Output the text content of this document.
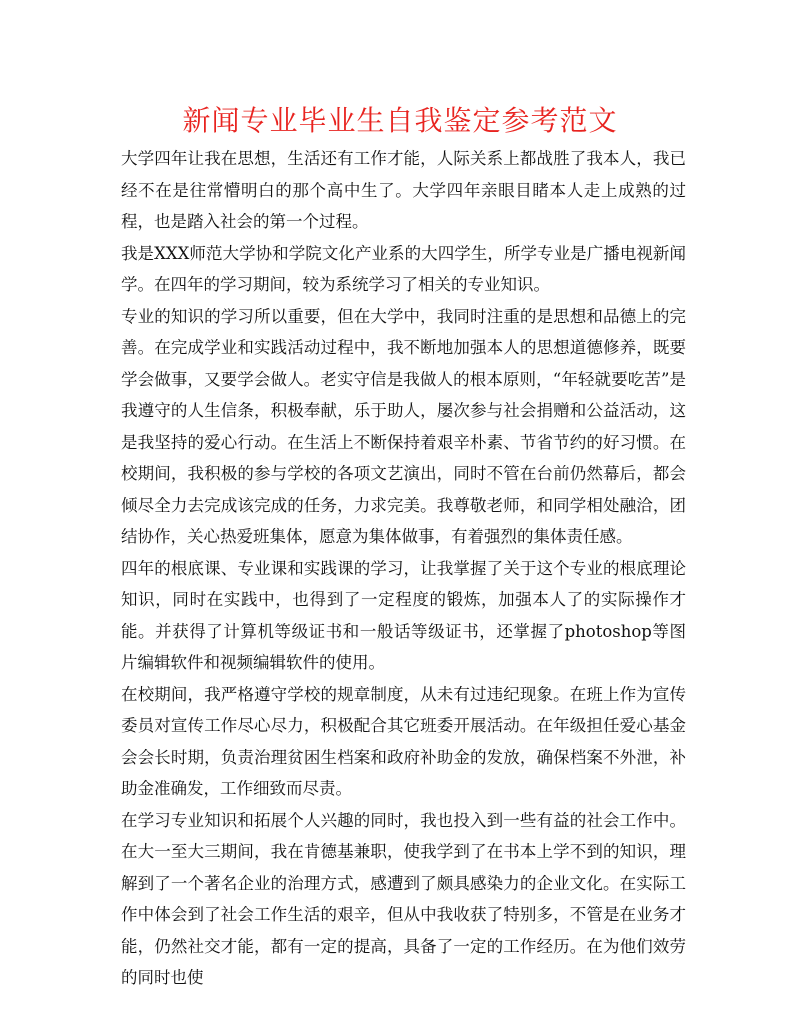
新闻专业毕业生自我鉴定参考范文

大学四年让我在思想，生活还有工作才能，人际关系上都战胜了我本人，我已经不在是往常懵明白的那个高中生了。大学四年亲眼目睹本人走上成熟的过程，也是踏入社会的第一个过程。

我是XXX师范大学协和学院文化产业系的大四学生，所学专业是广播电视新闻学。在四年的学习期间，较为系统学习了相关的专业知识。

专业的知识的学习所以重要，但在大学中，我同时注重的是思想和品德上的完善。在完成学业和实践活动过程中，我不断地加强本人的思想道德修养，既要学会做事，又要学会做人。老实守信是我做人的根本原则，“年轻就要吃苦”是我遵守的人生信条，积极奉献，乐于助人，屡次参与社会捐赠和公益活动，这是我坚持的爱心行动。在生活上不断保持着艰辛朴素、节省节约的好习惯。在校期间，我积极的参与学校的各项文艺演出，同时不管在台前仍然幕后，都会倾尽全力去完成该完成的任务，力求完美。我尊敬老师，和同学相处融洽，团结协作，关心热爱班集体，愿意为集体做事，有着强烈的集体责任感。

四年的根底课、专业课和实践课的学习，让我掌握了关于这个专业的根底理论知识，同时在实践中，也得到了一定程度的锻炼，加强本人了的实际操作才能。并获得了计算机等级证书和一般话等级证书，还掌握了photoshop等图片编辑软件和视频编辑软件的使用。

在校期间，我严格遵守学校的规章制度，从未有过违纪现象。在班上作为宣传委员对宣传工作尽心尽力，积极配合其它班委开展活动。在年级担任爱心基金会会长时期，负责治理贫困生档案和政府补助金的发放，确保档案不外泄，补助金准确发，工作细致而尽责。

在学习专业知识和拓展个人兴趣的同时，我也投入到一些有益的社会工作中。在大一至大三期间，我在肯德基兼职，使我学到了在书本上学不到的知识，理解到了一个著名企业的治理方式，感遭到了颇具感染力的企业文化。在实际工作中体会到了社会工作生活的艰辛，但从中我收获了特别多，不管是在业务才能，仍然社交才能，都有一定的提高，具备了一定的工作经历。在为他们效劳的同时也使
